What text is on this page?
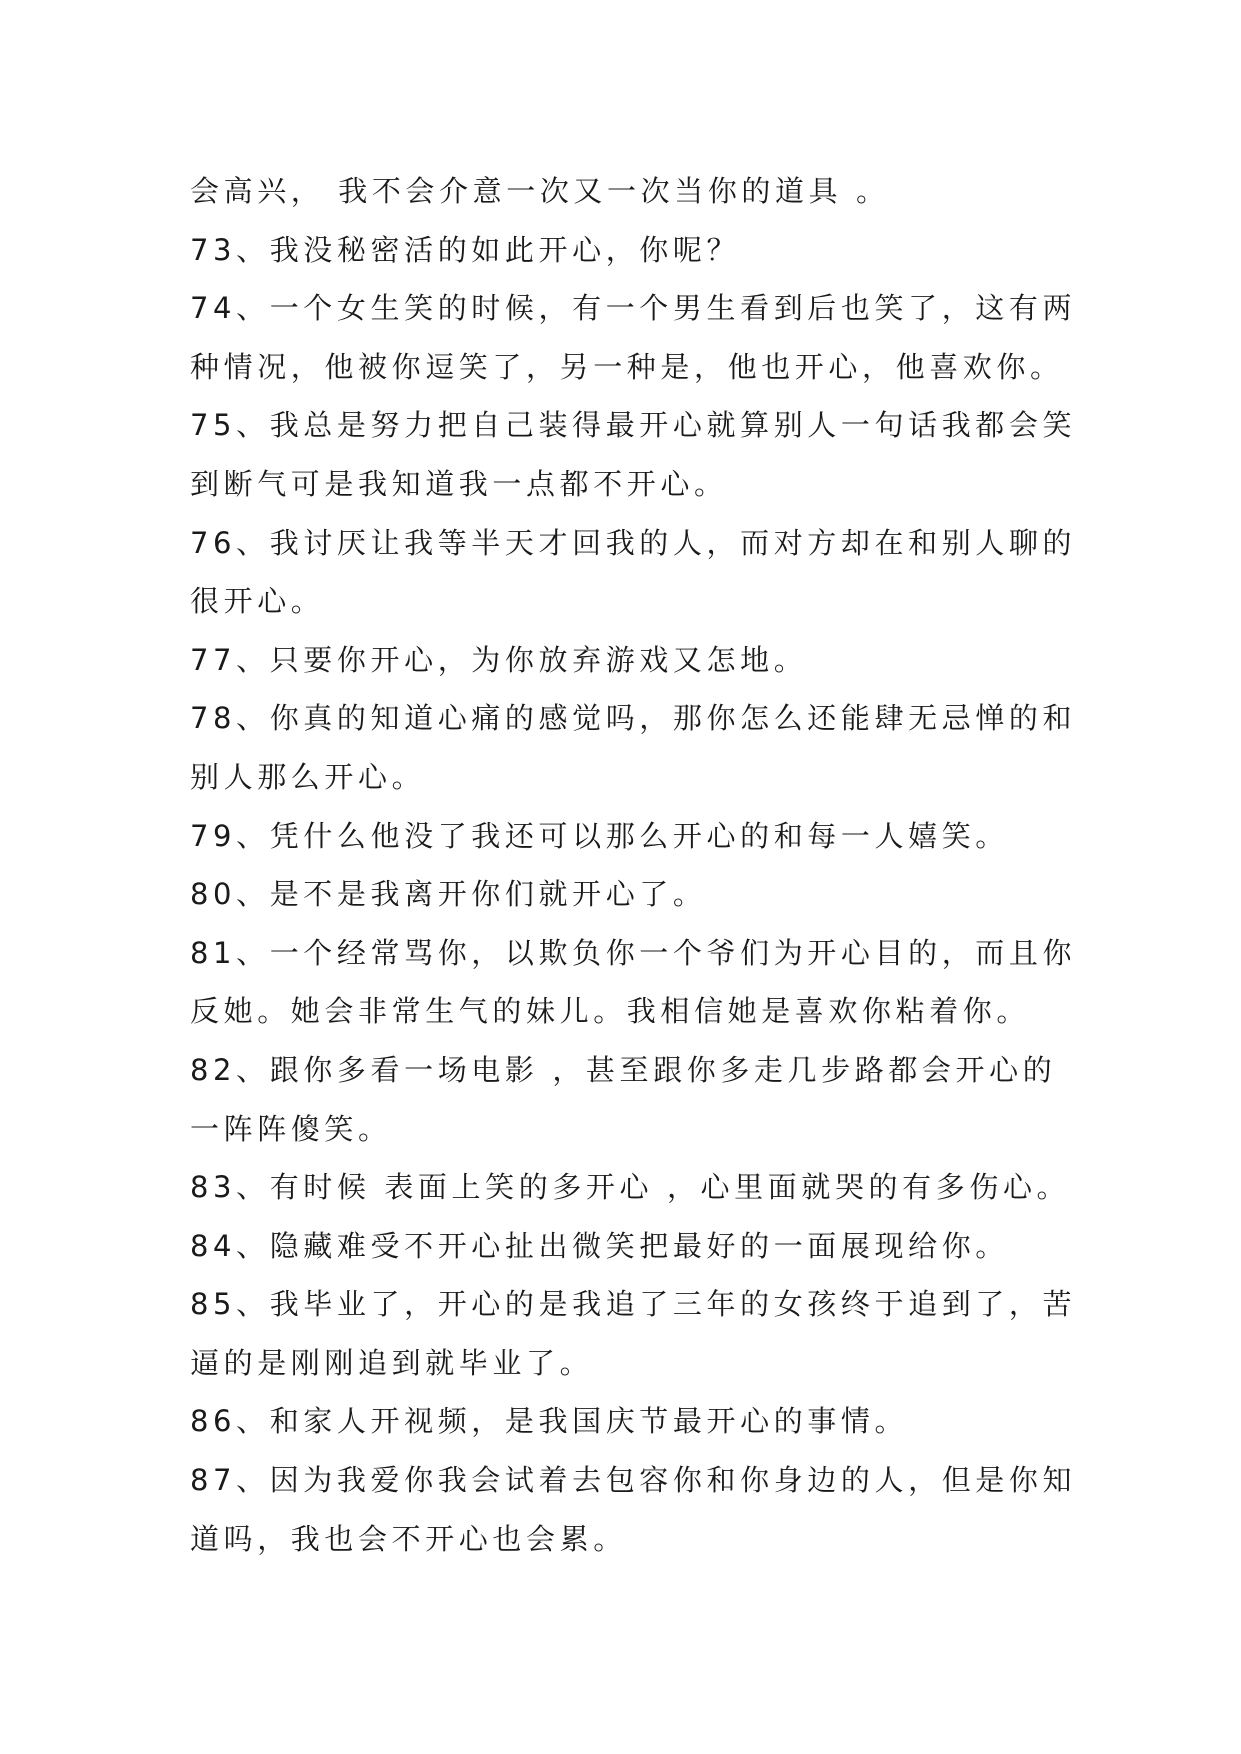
会高兴， 我不会介意一次又一次当你的道具 。

73、我没秘密活的如此开心，你呢？

74、一个女生笑的时候，有一个男生看到后也笑了，这有两

种情况，他被你逗笑了，另一种是，他也开心，他喜欢你。

75、我总是努力把自己装得最开心就算别人一句话我都会笑

到断气可是我知道我一点都不开心。

76、我讨厌让我等半天才回我的人，而对方却在和别人聊的

很开心。

77、只要你开心，为你放弃游戏又怎地。

78、你真的知道心痛的感觉吗，那你怎么还能肆无忌惮的和

别人那么开心。

79、凭什么他没了我还可以那么开心的和每一人嬉笑。

80、是不是我离开你们就开心了。

81、一个经常骂你，以欺负你一个爷们为开心目的，而且你

反她。她会非常生气的妹儿。我相信她是喜欢你粘着你。

82、跟你多看一场电影 ，甚至跟你多走几步路都会开心的

一阵阵傻笑。

83、有时候 表面上笑的多开心 ，心里面就哭的有多伤心。

84、隐藏难受不开心扯出微笑把最好的一面展现给你。

85、我毕业了，开心的是我追了三年的女孩终于追到了，苦

逼的是刚刚追到就毕业了。

86、和家人开视频，是我国庆节最开心的事情。

87、因为我爱你我会试着去包容你和你身边的人，但是你知

道吗，我也会不开心也会累。
